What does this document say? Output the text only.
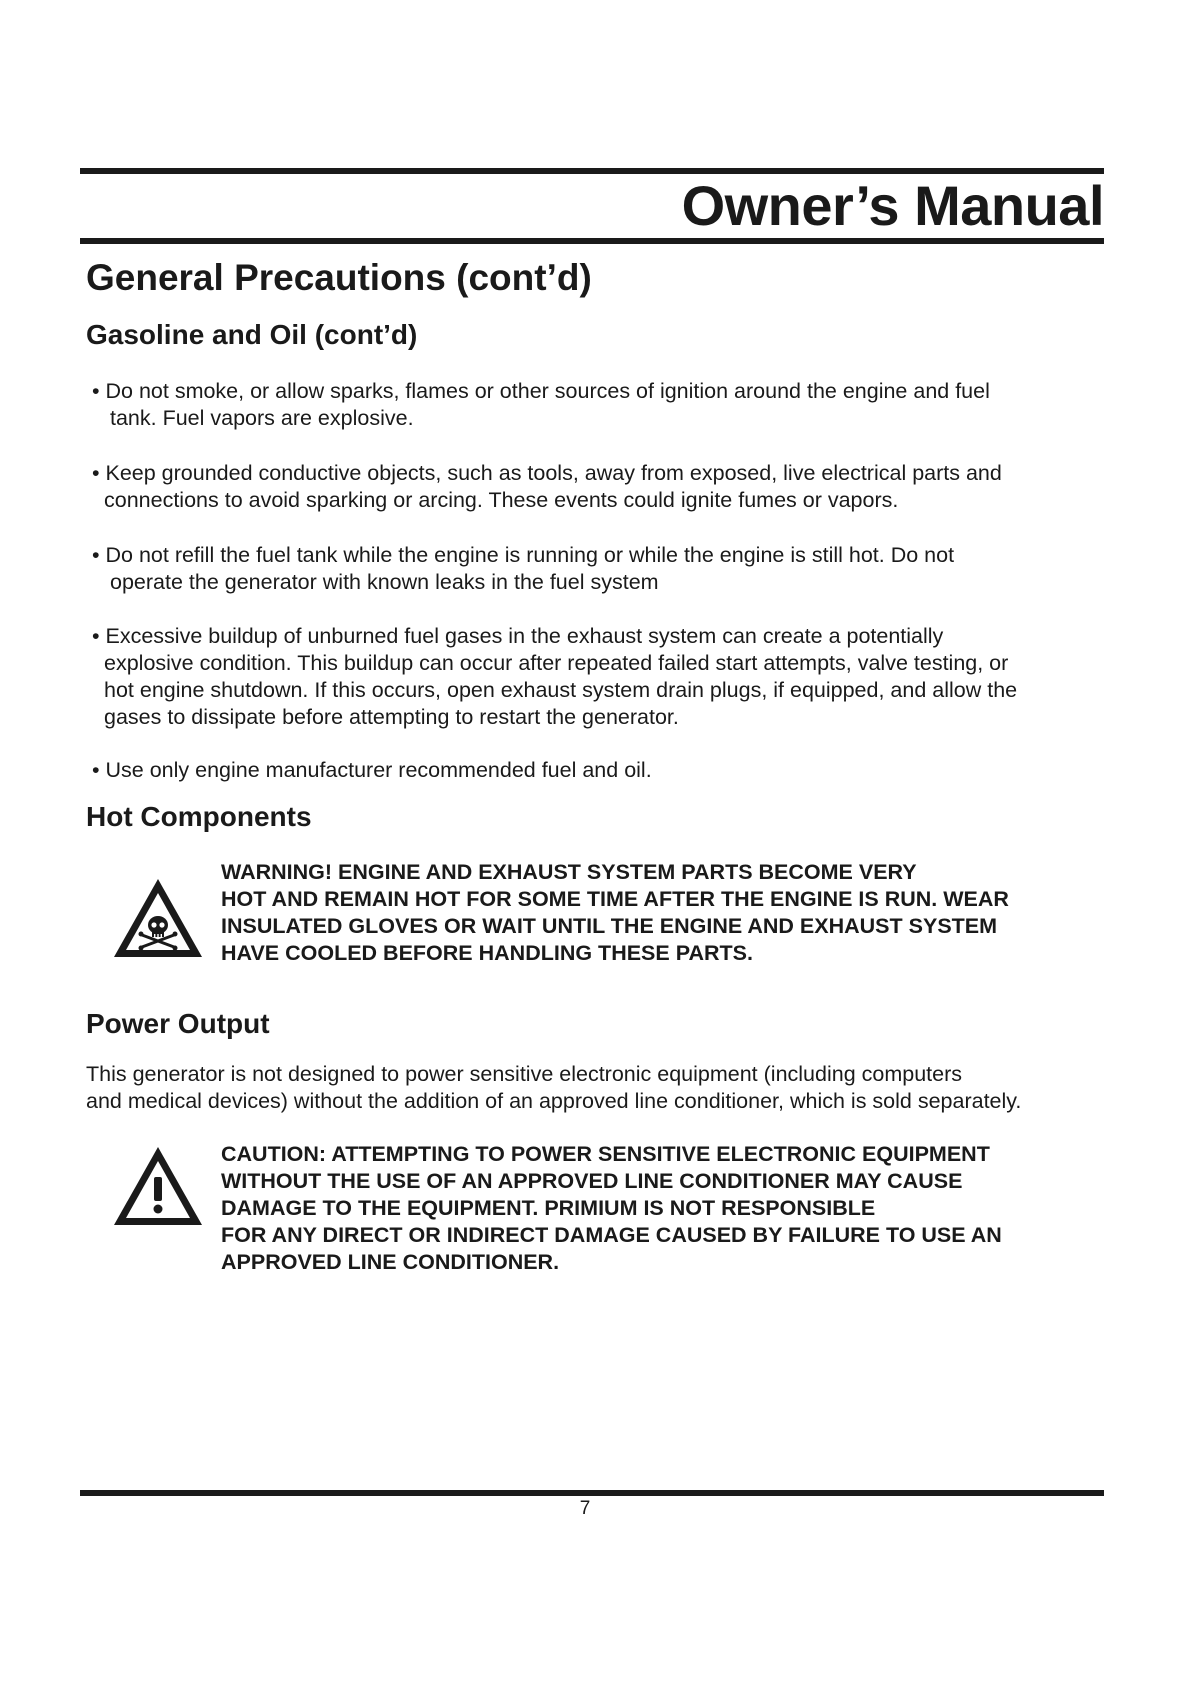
Owner’s Manual
General Precautions (cont’d)
Gasoline and Oil (cont’d)
• Do not smoke, or allow sparks, flames or other sources of ignition around the engine and fuel
tank. Fuel vapors are explosive.
• Keep grounded conductive objects, such as tools, away from exposed, live electrical parts and
connections to avoid sparking or arcing. These events could ignite fumes or vapors.
• Do not refill the fuel tank while the engine is running or while the engine is still hot. Do not
operate the generator with known leaks in the fuel system
• Excessive buildup of unburned fuel gases in the exhaust system can create a potentially
explosive condition. This buildup can occur after repeated failed start attempts, valve testing, or
hot engine shutdown. If this occurs, open exhaust system drain plugs, if equipped, and allow the
gases to dissipate before attempting to restart the generator.
• Use only engine manufacturer recommended fuel and oil.
Hot Components
WARNING! ENGINE AND EXHAUST SYSTEM PARTS BECOME VERY
HOT AND REMAIN HOT FOR SOME TIME AFTER THE ENGINE IS RUN. WEAR
INSULATED GLOVES OR WAIT UNTIL THE ENGINE AND EXHAUST SYSTEM
HAVE COOLED BEFORE HANDLING THESE PARTS.
Power Output
This generator is not designed to power sensitive electronic equipment (including computers
and medical devices) without the addition of an approved line conditioner, which is sold separately.
CAUTION: ATTEMPTING TO POWER SENSITIVE ELECTRONIC EQUIPMENT
WITHOUT THE USE OF AN APPROVED LINE CONDITIONER MAY CAUSE
DAMAGE TO THE EQUIPMENT. PRIMIUM IS NOT RESPONSIBLE
FOR ANY DIRECT OR INDIRECT DAMAGE CAUSED BY FAILURE TO USE AN
APPROVED LINE CONDITIONER.
7
